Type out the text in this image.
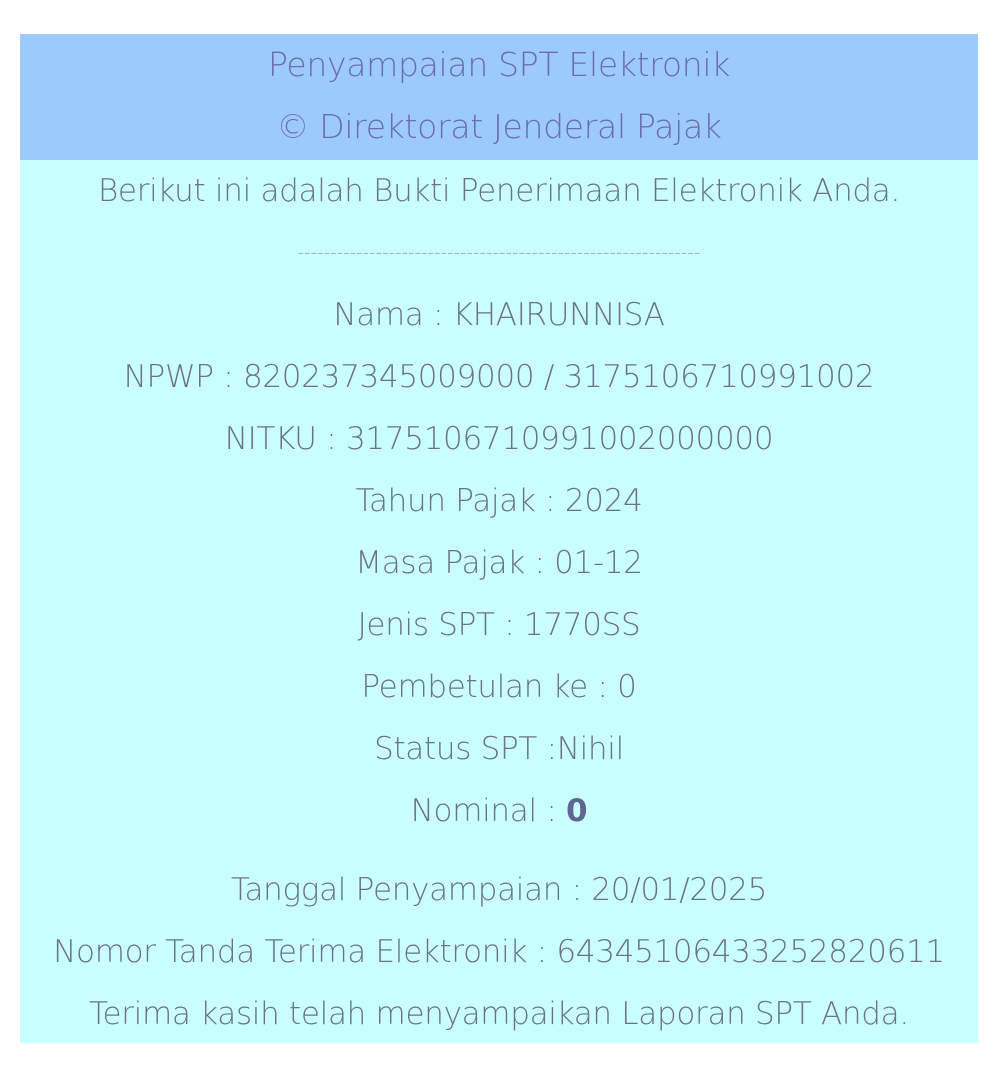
Penyampaian SPT Elektronik
© Direktorat Jenderal Pajak
Berikut ini adalah Bukti Penerimaan Elektronik Anda.
--------------------------------------------------------------
Nama : KHAIRUNNISA
NPWP : 820237345009000 / 3175106710991002
NITKU : 3175106710991002000000
Tahun Pajak : 2024
Masa Pajak : 01-12
Jenis SPT : 1770SS
Pembetulan ke : 0
Status SPT :Nihil
Nominal : 0
Tanggal Penyampaian : 20/01/2025
Nomor Tanda Terima Elektronik : 64345106433252820611
Terima kasih telah menyampaikan Laporan SPT Anda.
